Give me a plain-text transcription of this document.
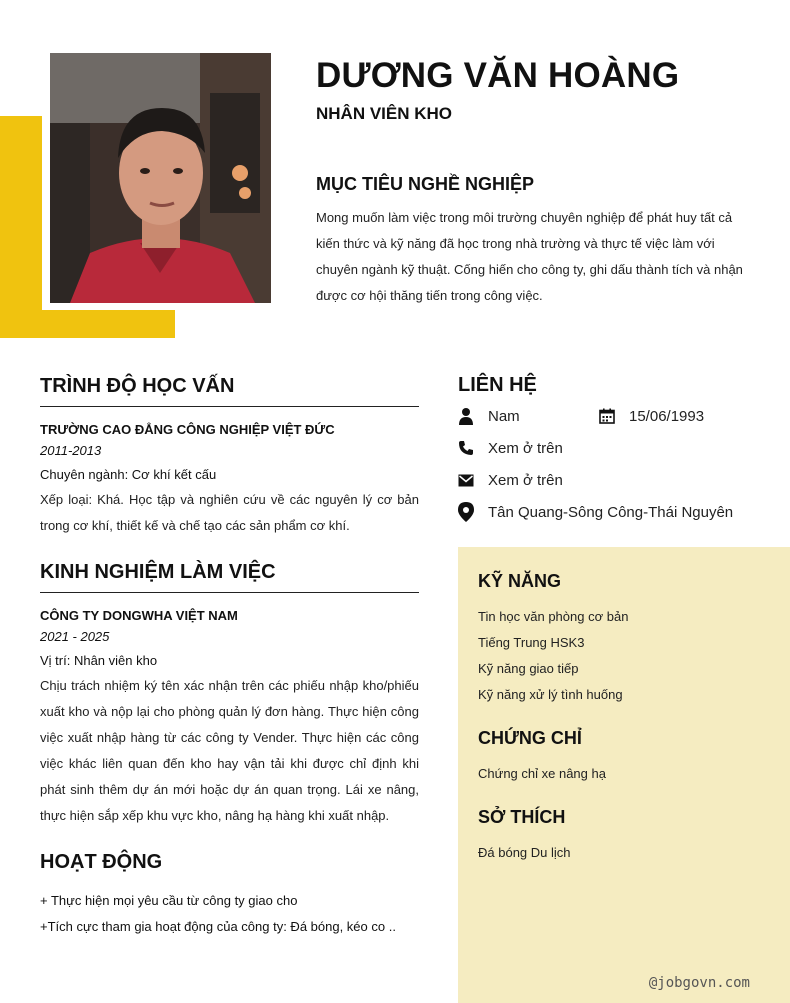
DƯƠNG VĂN HOÀNG
NHÂN VIÊN KHO
MỤC TIÊU NGHỀ NGHIỆP

Mong muốn làm việc trong môi trường chuyên nghiệp để phát huy tất cả kiến thức và kỹ năng đã học trong nhà trường và thực tế việc làm với chuyên ngành kỹ thuật. Cống hiến cho công ty, ghi dấu thành tích và nhận được cơ hội thăng tiến trong công việc.

TRÌNH ĐỘ HỌC VẤN
TRƯỜNG CAO ĐẲNG CÔNG NGHIỆP VIỆT ĐỨC
2011-2013
Chuyên ngành: Cơ khí kết cấu
Xếp loại: Khá. Học tập và nghiên cứu về các nguyên lý cơ bản trong cơ khí, thiết kế và chế tạo các sản phẩm cơ khí.
KINH NGHIỆM LÀM VIỆC
CÔNG TY DONGWHA VIỆT NAM
2021 - 2025
Vị trí: Nhân viên kho
Chịu trách nhiệm ký tên xác nhận trên các phiếu nhập kho/phiếu xuất kho và nộp lại cho phòng quản lý đơn hàng. Thực hiện công việc xuất nhập hàng từ các công ty Vender. Thực hiện các công việc khác liên quan đến kho hay vận tải khi được chỉ định khi phát sinh thêm dự án mới hoặc dự án quan trọng. Lái xe nâng, thực hiện sắp xếp khu vực kho, nâng hạ hàng khi xuất nhập.
HOẠT ĐỘNG
+ Thực hiện mọi yêu cầu từ công ty giao cho
+Tích cực tham gia hoạt động của công ty: Đá bóng, kéo co ..
LIÊN HỆ
Nam	15/06/1993
Xem ở trên
Xem ở trên
Tân Quang-Sông Công-Thái Nguyên
KỸ NĂNG
Tin học văn phòng cơ bản
Tiếng Trung HSK3
Kỹ năng giao tiếp
Kỹ năng xử lý tình huống
CHỨNG CHỈ
Chứng chỉ xe nâng hạ
SỞ THÍCH
Đá bóng Du lịch
@jobgovn.com
